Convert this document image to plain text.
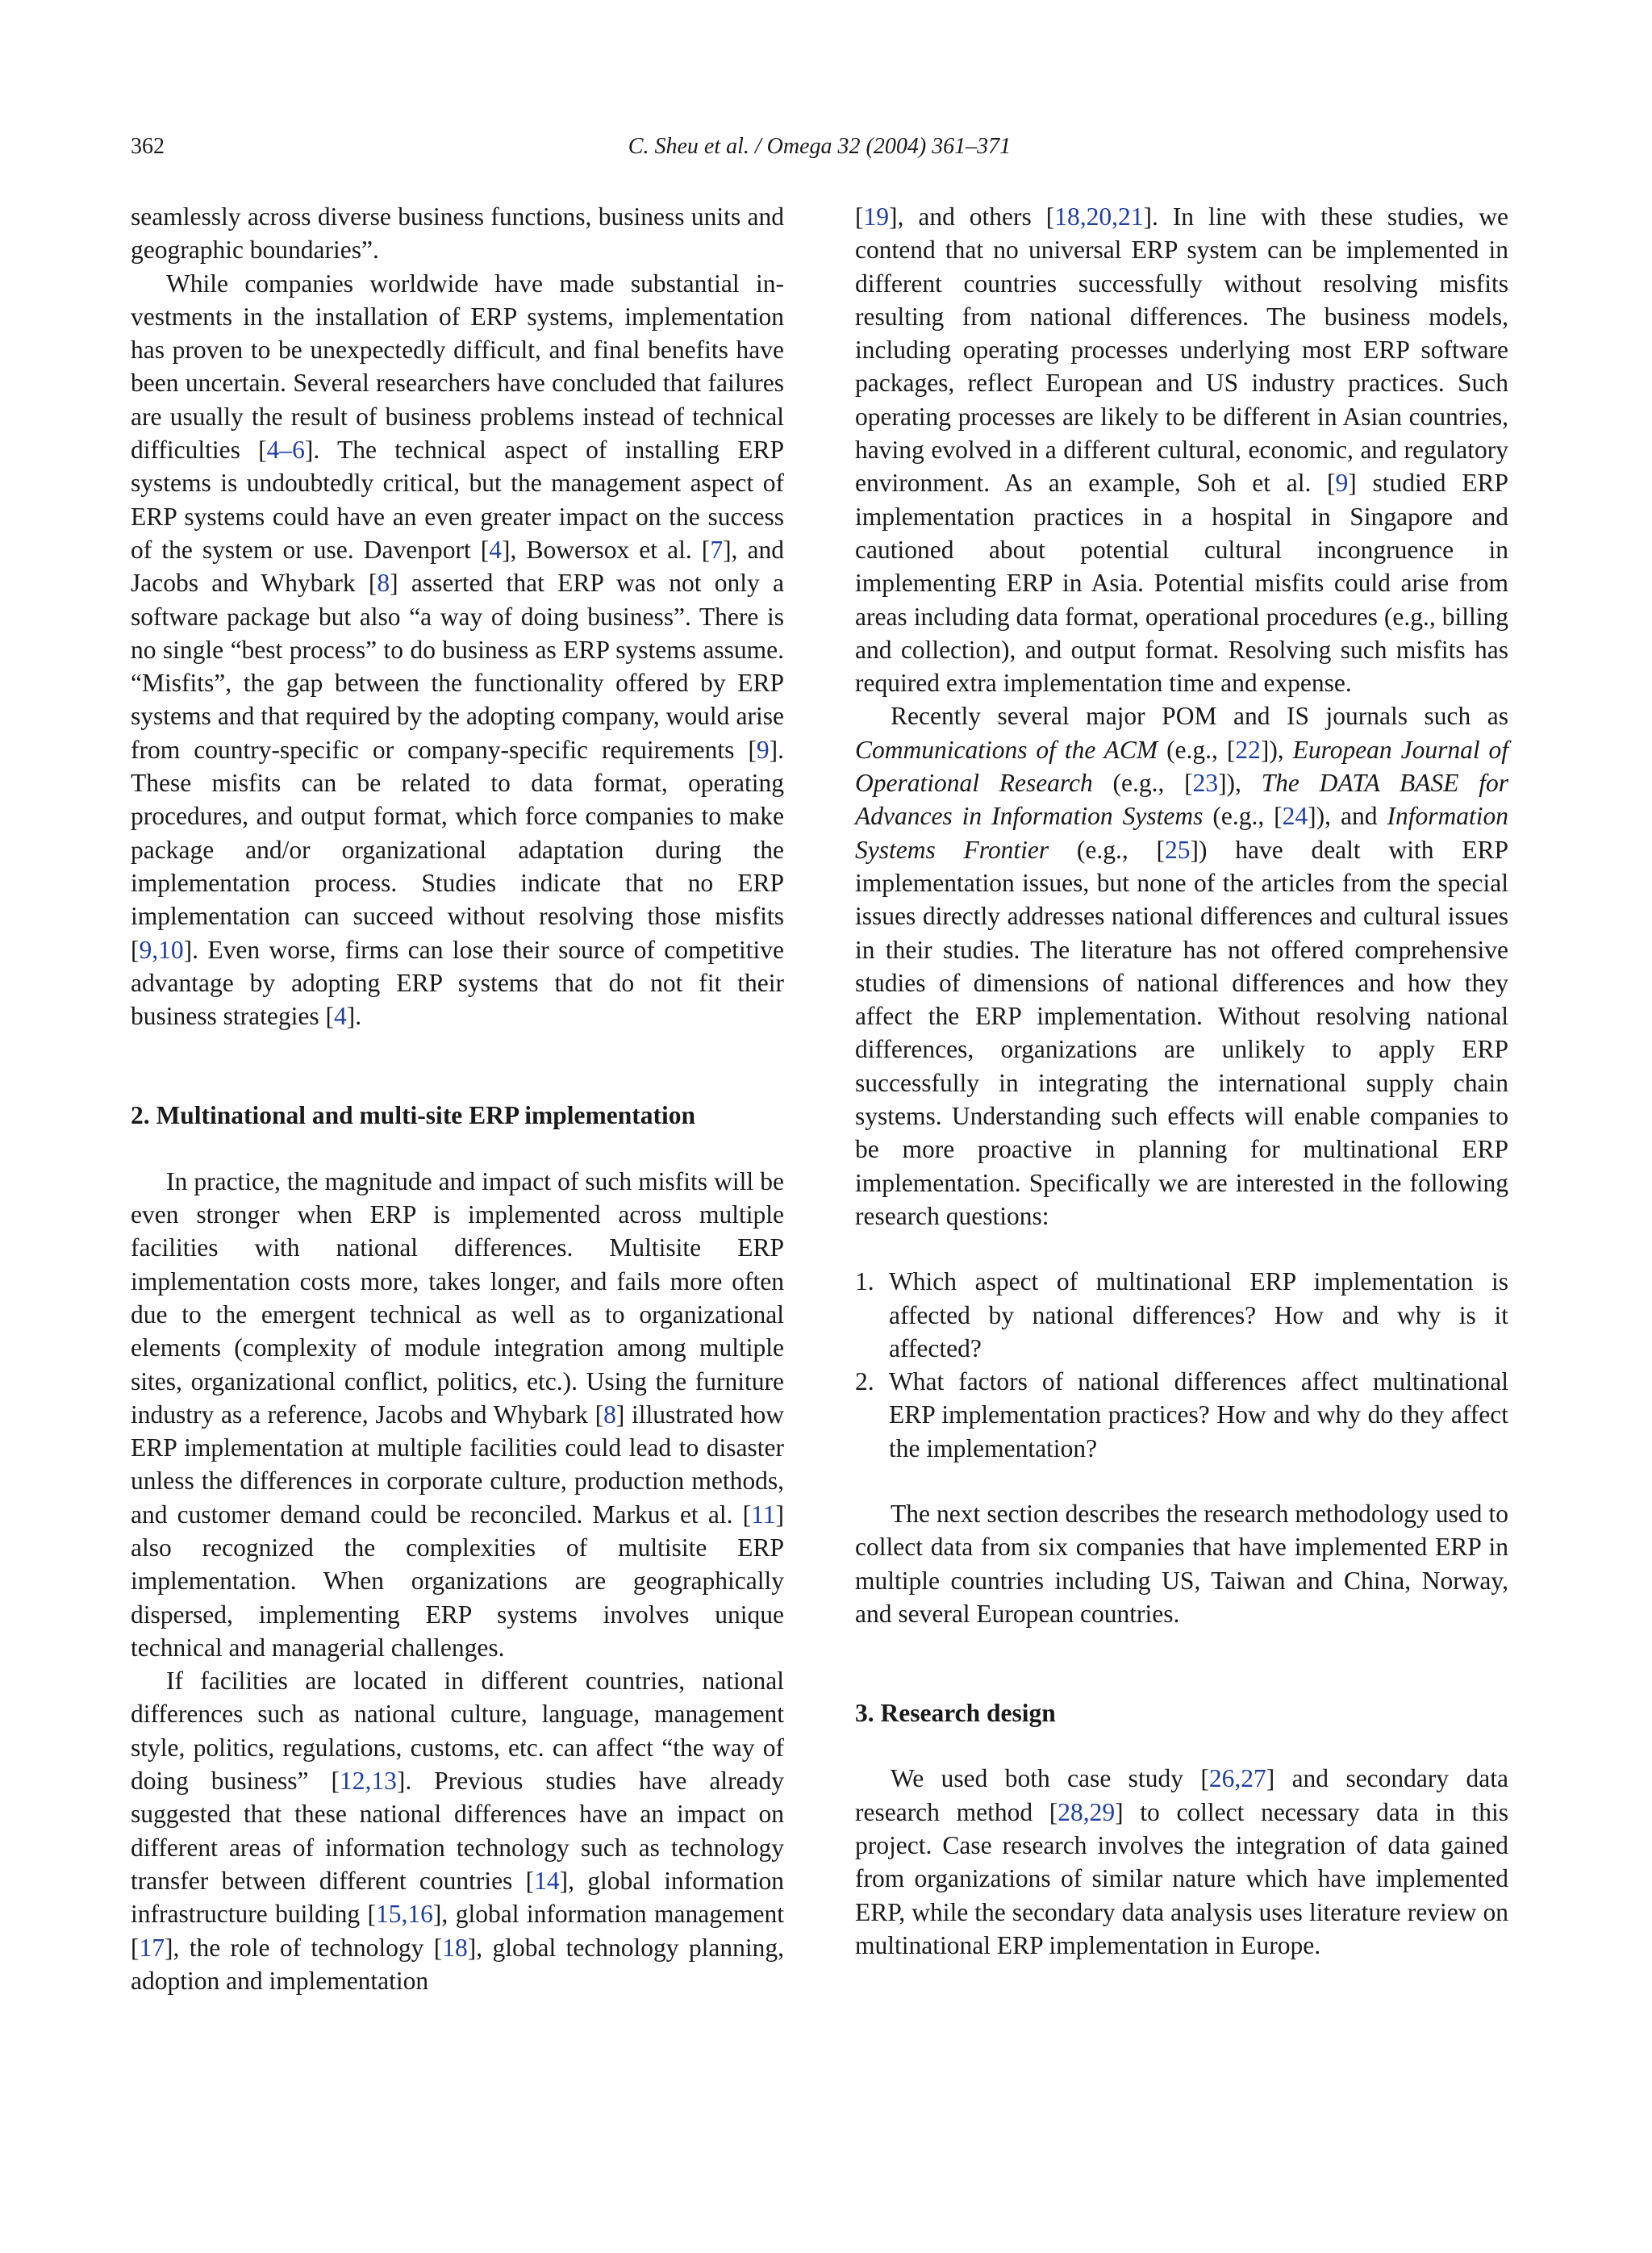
362	C. Sheu et al. / Omega 32 (2004) 361–371

seamlessly across diverse business functions, business units and geographic boundaries”.

While companies worldwide have made substantial investments in the installation of ERP systems, implementation has proven to be unexpectedly difficult, and final benefits have been uncertain. Several researchers have concluded that failures are usually the result of business problems instead of technical difficulties [4–6]. The technical aspect of installing ERP systems is undoubtedly critical, but the management aspect of ERP systems could have an even greater impact on the success of the system or use. Davenport [4], Bowersox et al. [7], and Jacobs and Whybark [8] asserted that ERP was not only a software package but also “a way of doing business”. There is no single “best process” to do business as ERP systems assume. “Misfits”, the gap between the functionality offered by ERP systems and that required by the adopting company, would arise from country-specific or company-specific requirements [9]. These misfits can be related to data format, operating procedures, and output format, which force companies to make package and/or organizational adaptation during the implementation process. Studies indicate that no ERP implementation can succeed without resolving those misfits [9,10]. Even worse, firms can lose their source of competitive advantage by adopting ERP systems that do not fit their business strategies [4].

2. Multinational and multi-site ERP implementation

In practice, the magnitude and impact of such misfits will be even stronger when ERP is implemented across multiple facilities with national differences. Multisite ERP implementation costs more, takes longer, and fails more often due to the emergent technical as well as to organizational elements (complexity of module integration among multiple sites, organizational conflict, politics, etc.). Using the furniture industry as a reference, Jacobs and Whybark [8] illustrated how ERP implementation at multiple facilities could lead to disaster unless the differences in corporate culture, production methods, and customer demand could be reconciled. Markus et al. [11] also recognized the complexities of multisite ERP implementation. When organizations are geographically dispersed, implementing ERP systems involves unique technical and managerial challenges.

If facilities are located in different countries, national differences such as national culture, language, management style, politics, regulations, customs, etc. can affect “the way of doing business” [12,13]. Previous studies have already suggested that these national differences have an impact on different areas of information technology such as technology transfer between different countries [14], global information infrastructure building [15,16], global information management [17], the role of technology [18], global technology planning, adoption and implementation

[19], and others [18,20,21]. In line with these studies, we contend that no universal ERP system can be implemented in different countries successfully without resolving misfits resulting from national differences. The business models, including operating processes underlying most ERP software packages, reflect European and US industry practices. Such operating processes are likely to be different in Asian countries, having evolved in a different cultural, economic, and regulatory environment. As an example, Soh et al. [9] studied ERP implementation practices in a hospital in Singapore and cautioned about potential cultural incongruence in implementing ERP in Asia. Potential misfits could arise from areas including data format, operational procedures (e.g., billing and collection), and output format. Resolving such misfits has required extra implementation time and expense.

Recently several major POM and IS journals such as Communications of the ACM (e.g., [22]), European Journal of Operational Research (e.g., [23]), The DATA BASE for Advances in Information Systems (e.g., [24]), and Information Systems Frontier (e.g., [25]) have dealt with ERP implementation issues, but none of the articles from the special issues directly addresses national differences and cultural issues in their studies. The literature has not offered comprehensive studies of dimensions of national differences and how they affect the ERP implementation. Without resolving national differences, organizations are unlikely to apply ERP successfully in integrating the international supply chain systems. Understanding such effects will enable companies to be more proactive in planning for multinational ERP implementation. Specifically we are interested in the following research questions:

1. Which aspect of multinational ERP implementation is affected by national differences? How and why is it affected?
2. What factors of national differences affect multinational ERP implementation practices? How and why do they affect the implementation?

The next section describes the research methodology used to collect data from six companies that have implemented ERP in multiple countries including US, Taiwan and China, Norway, and several European countries.

3. Research design

We used both case study [26,27] and secondary data research method [28,29] to collect necessary data in this project. Case research involves the integration of data gained from organizations of similar nature which have implemented ERP, while the secondary data analysis uses literature review on multinational ERP implementation in Europe.
